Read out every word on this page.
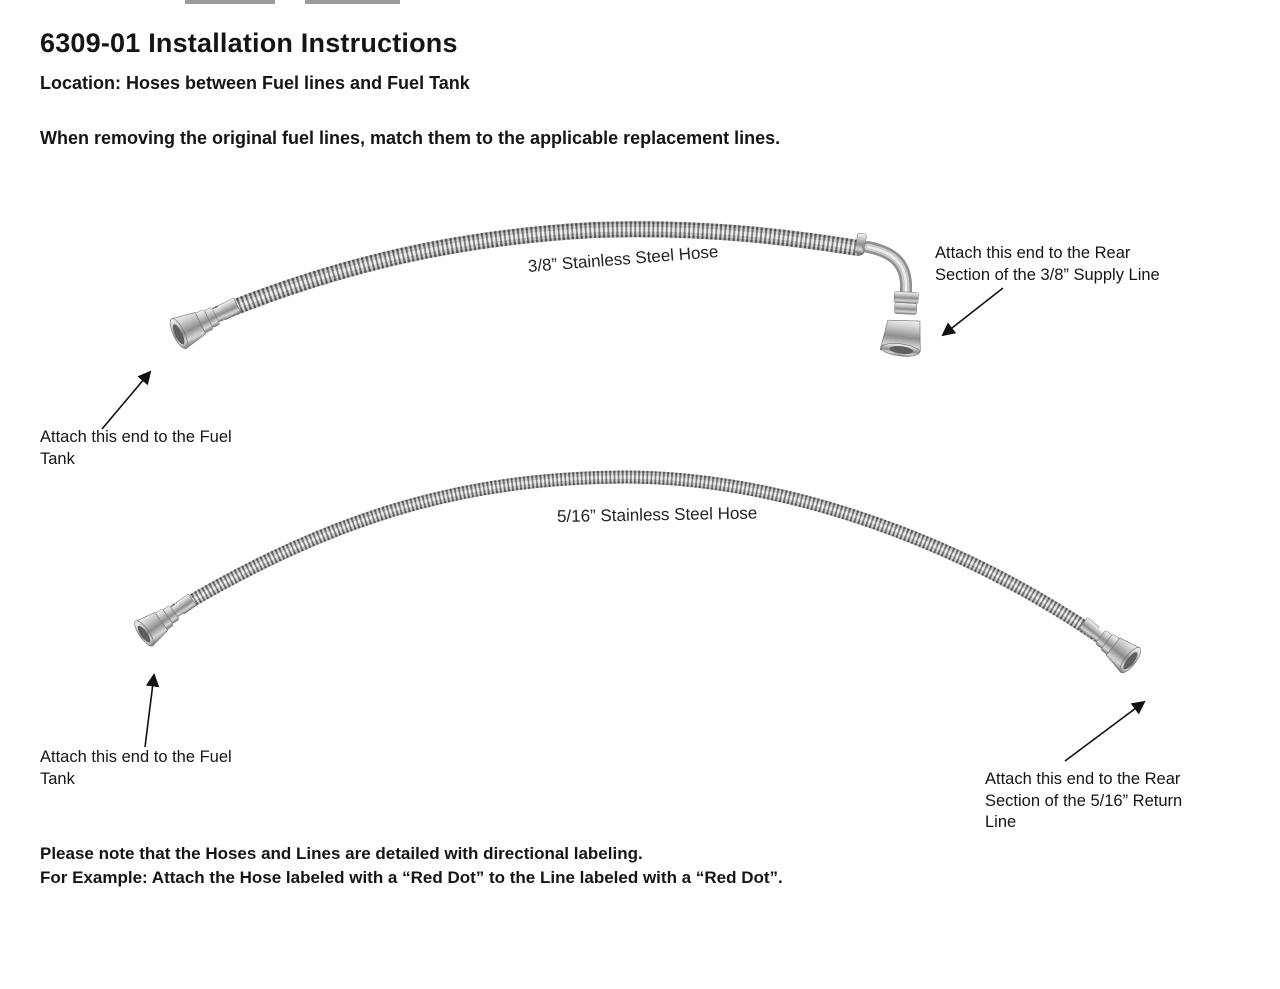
6309-01 Installation Instructions
Location: Hoses between Fuel lines and Fuel Tank
When removing the original fuel lines, match them to the applicable replacement lines.
3/8” Stainless Steel Hose
5/16” Stainless Steel Hose
Attach this end to the Rear Section of the 3/8” Supply Line
Attach this end to the Fuel Tank
Attach this end to the Fuel Tank	Attach this end to the Rear Section of the 5/16” Return Line
Please note that the Hoses and Lines are detailed with directional labeling.
For Example: Attach the Hose labeled with a “Red Dot” to the Line labeled with a “Red Dot”.
